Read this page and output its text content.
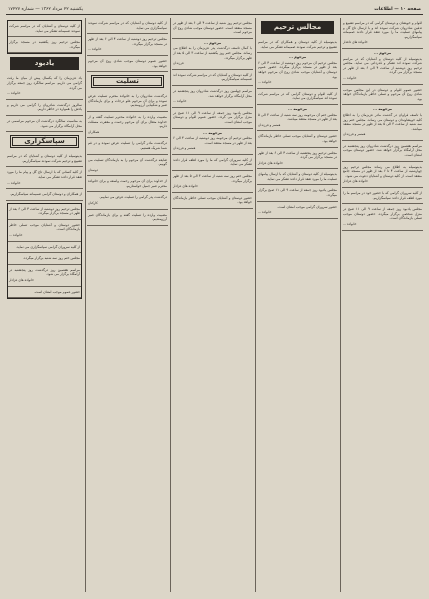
صفحه ۱۰ — اطلاعات
یکشنبه ۲۲ مرداد ۱۳۶۲ — شماره ۱۷۲۲۷

اقوام و خویشان و دوستان گرامی که در مراسم تشییع و تدفین شادروان شرکت نموده اند و با ارسال تاج گل و پیامهای تسلیت ما را مورد تفقد قرار دادند صمیمانه سپاسگزاریم.

خانواده های داغدار
مرحوم ...

بدینوسیله از کلیه دوستان و آشنایان که در مراسم شرکت نموده اند تشکر و قدردانی می نماید. مجلس ترحیم روز دوشنبه از ساعت ۴ الی ۶ بعد از ظهر در مسجد برگزار می گردد.

خانواده ...

حضور عموم اقوام و دوستان در این مجلس موجب شادی روح آن مرحوم و تسلی خاطر بازماندگان خواهد بود.

مرحومه ...

با تاسف فراوان در گذشت مادر عزیزمان را به اطلاع کلیه خویشاوندان و دوستان می رساند. مجلس ختم روز سه شنبه از ساعت ۳ الی ۵ بعد از ظهر در مسجد منعقد میباشد.

همسر و فرزندان

مراسم هفتمین روز درگذشت شادروان روز پنجشنبه در محل آرامگاه برگزار خواهد شد. حضور دوستان موجب امتنان است.

بدینوسیله به اطلاع می رساند مجلس ترحیم روز چهارشنبه از ساعت ۴ تا ۶ بعد از ظهر در مسجد جامع منعقد است. از کلیه دوستان و آشنایان دعوت می شود.

خانواده های عزادار

از کلیه سروران گرامی که با حضور خود در مراسم ما را مورد لطف قرار دادند سپاسگزاریم.

مجلس یادبود روز جمعه از ساعت ۹ الی ۱۱ صبح در منزل شخصی برگزار میگردد. حضور دوستان موجب تسلی بازماندگان است.

خانواده ...
مجالس ترحیم

بدینوسیله از کلیه دوستان و همکاران که در مراسم تشییع و ترحیم شرکت نمودند صمیمانه تشکر می نماید.

مرحوم ...

مجلس ترحیم آن مرحوم روز دوشنبه از ساعت ۴ الی ۶ بعد از ظهر در مسجد برگزار میگردد. حضور عموم دوستان و آشنایان موجب شادی روح آن مرحوم خواهد بود.

خانواده ...

از کلیه اقوام و دوستان گرامی که در مراسم شرکت نموده اند سپاسگزاری می نماید.

مرحومه ...

مجلس ختم آن مرحومه روز سه شنبه از ساعت ۳ الی ۵ بعد از ظهر در مسجد منعقد میباشد.

همسر و فرزندان

حضور دوستان و آشنایان موجب تسلی خاطر بازماندگان خواهد بود.

مجلس ترحیم روز پنجشنبه از ساعت ۴ الی ۶ بعد از ظهر در مسجد برگزار می گردد.

خانواده های عزادار

بدینوسیله از کلیه دوستان و آشنایان که با ارسال پیامهای تسلیت ما را مورد تفقد قرار دادند تشکر می نماید.

مجلس یادبود روز جمعه از ساعت ۹ الی ۱۱ صبح برگزار میگردد.

حضور سروران گرامی موجب امتنان است.

خانواده ...

مجلس ترحیم روز شنبه از ساعت ۴ الی ۶ بعد از ظهر در مسجد منعقد است. حضور دوستان موجب شادی روح آن مرحوم است.

مرحوم ...

با کمال تاسف درگذشت پدر عزیزمان را به اطلاع می رساند. مجلس ختم روز یکشنبه از ساعت ۳ الی ۵ بعد از ظهر برگزار میگردد.

فرزندان

از کلیه دوستان و آشنایان که در مراسم شرکت نموده اند صمیمانه سپاسگزاریم.

مراسم چهلمین روز درگذشت شادروان روز پنجشنبه در محل آرامگاه برگزار خواهد شد.

خانواده ...

مجلس یادبود روز جمعه از ساعت ۹ الی ۱۱ صبح در منزل برگزار می گردد. حضور عموم اقوام و دوستان موجب امتنان است.

مرحومه ...

مجلس ترحیم آن مرحومه روز دوشنبه از ساعت ۴ الی ۶ بعد از ظهر در مسجد منعقد است.

همسر و فرزندان

از کلیه سروران گرامی که ما را مورد لطف قرار دادند تشکر می نماید.

مجلس ختم روز سه شنبه از ساعت ۳ الی ۵ بعد از ظهر برگزار میگردد.

خانواده های عزادار

حضور دوستان و آشنایان موجب تسلی خاطر بازماندگان خواهد بود.

از کلیه دوستان و آشنایان که در مراسم شرکت نمودند سپاسگزاری می نماید.

مجلس ترحیم روز دوشنبه از ساعت ۴ الی ۶ بعد از ظهر در مسجد برگزار میگردد.

خانواده ...

حضور عموم دوستان موجب شادی روح آن مرحوم خواهد بود.

تسلیت

درگذشت شادروان را به خانواده محترم تسلیت عرض نموده و برای آن مرحوم علو درجات و برای بازماندگان صبر و شکیبایی آرزومندیم.

مصیبت وارده را به خانواده محترم تسلیت گفته و از خداوند متعال برای آن مرحوم رحمت و مغفرت مسئلت داریم.

همکاران

درگذشت مادر گرامی را تسلیت عرض نموده و در غم شما شریک هستیم.

ضایعه درگذشت آن مرحوم را به بازماندگان تسلیت می گوییم.

دوستان

از خداوند برای آن مرحوم رحمت واسعه و برای خانواده محترم صبر جمیل خواستاریم.

درگذشت پدر گرامی را تسلیت عرض می نماییم.

کارکنان

مصیبت وارده را تسلیت گفته و برای بازماندگان صبر آرزومندیم.

از کلیه دوستان و آشنایان که در مراسم شرکت نمودند صمیمانه تشکر می نماید.

مجلس ترحیم روز یکشنبه در مسجد برگزار میگردد.

یادبود

یاد عزیزمان را که یکسال پیش از میان ما رفت گرامی می داریم. مراسم سالگرد روز جمعه برگزار می گردد.

خانواده ...

سالروز درگذشت شادروان را گرامی می داریم و یادش را همواره در خاطر داریم.

به مناسبت سالگرد درگذشت آن مرحوم مراسمی در محل آرامگاه برگزار می شود.

سپاسگزاری

بدینوسیله از کلیه دوستان و آشنایان که در مراسم تشییع و ترحیم شرکت نمودند سپاسگزاریم.

از کلیه کسانی که با ارسال تاج گل و پیام ما را مورد تفقد قرار دادند تشکر می نماید.

خانواده ...

از همکاران و دوستان گرامی صمیمانه سپاسگزاریم.

مجلس ترحیم روز دوشنبه از ساعت ۴ الی ۶ بعد از ظهر در مسجد برگزار میگردد.

حضور دوستان و آشنایان موجب تسلی خاطر بازماندگان است.

خانواده ...

از کلیه سروران گرامی سپاسگزاری می نماید.

مجلس ختم روز سه شنبه برگزار میگردد.

مراسم هفتمین روز درگذشت روز پنجشنبه در آرامگاه برگزار می شود.

خانواده های عزادار

حضور عموم موجب امتنان است.
